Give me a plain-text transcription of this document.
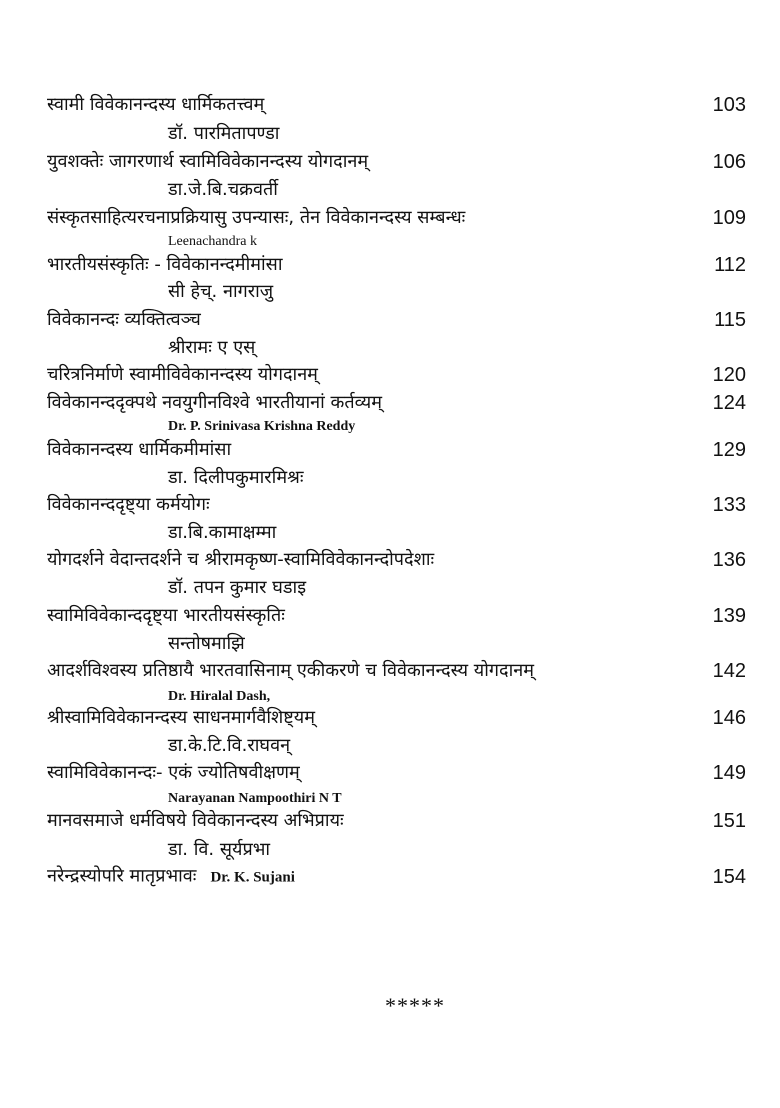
स्वामी विवेकानन्दस्य धार्मिकतत्त्वम्	103
डॉ. पारमितापण्डा
युवशक्तेः जागरणार्थ स्वामिविवेकानन्दस्य योगदानम्	106
डा.जे.बि.चक्रवर्ती
संस्कृतसाहित्यरचनाप्रक्रियासु उपन्यासः, तेन विवेकानन्दस्य सम्बन्धः	109
Leenachandra k
भारतीयसंस्कृतिः - विवेकानन्दमीमांसा	112
सी हेच्. नागराजु
विवेकानन्दः व्यक्तित्वञ्च	115
श्रीरामः ए एस्
चरित्रनिर्माणे स्वामीविवेकानन्दस्य योगदानम्	120
विवेकानन्ददृक्पथे नवयुगीनविश्वे भारतीयानां कर्तव्यम्	124
Dr. P. Srinivasa Krishna Reddy
विवेकानन्दस्य धार्मिकमीमांसा	129
डा. दिलीपकुमारमिश्रः
विवेकानन्ददृष्ट्या कर्मयोगः	133
डा.बि.कामाक्षम्मा
योगदर्शने वेदान्तदर्शने च श्रीरामकृष्ण-स्वामिविवेकानन्दोपदेशाः	136
डॉ. तपन कुमार घडाइ
स्वामिविवेकान्ददृष्ट्या भारतीयसंस्कृतिः	139
सन्तोषमाझि
आदर्शविश्वस्य प्रतिष्ठायै भारतवासिनाम् एकीकरणे च विवेकानन्दस्य योगदानम्	142
Dr. Hiralal Dash,
श्रीस्वामिविवेकानन्दस्य साधनमार्गवैशिष्ट्यम्	146
डा.के.टि.वि.राघवन्
स्वामिविवेकानन्दः- एकं ज्योतिषवीक्षणम्	149
Narayanan Nampoothiri N T
मानवसमाजे धर्मविषये विवेकानन्दस्य अभिप्रायः	151
डा. वि. सूर्यप्रभा
नरेन्द्रस्योपरि मातृप्रभावः Dr. K. Sujani	154
*****
